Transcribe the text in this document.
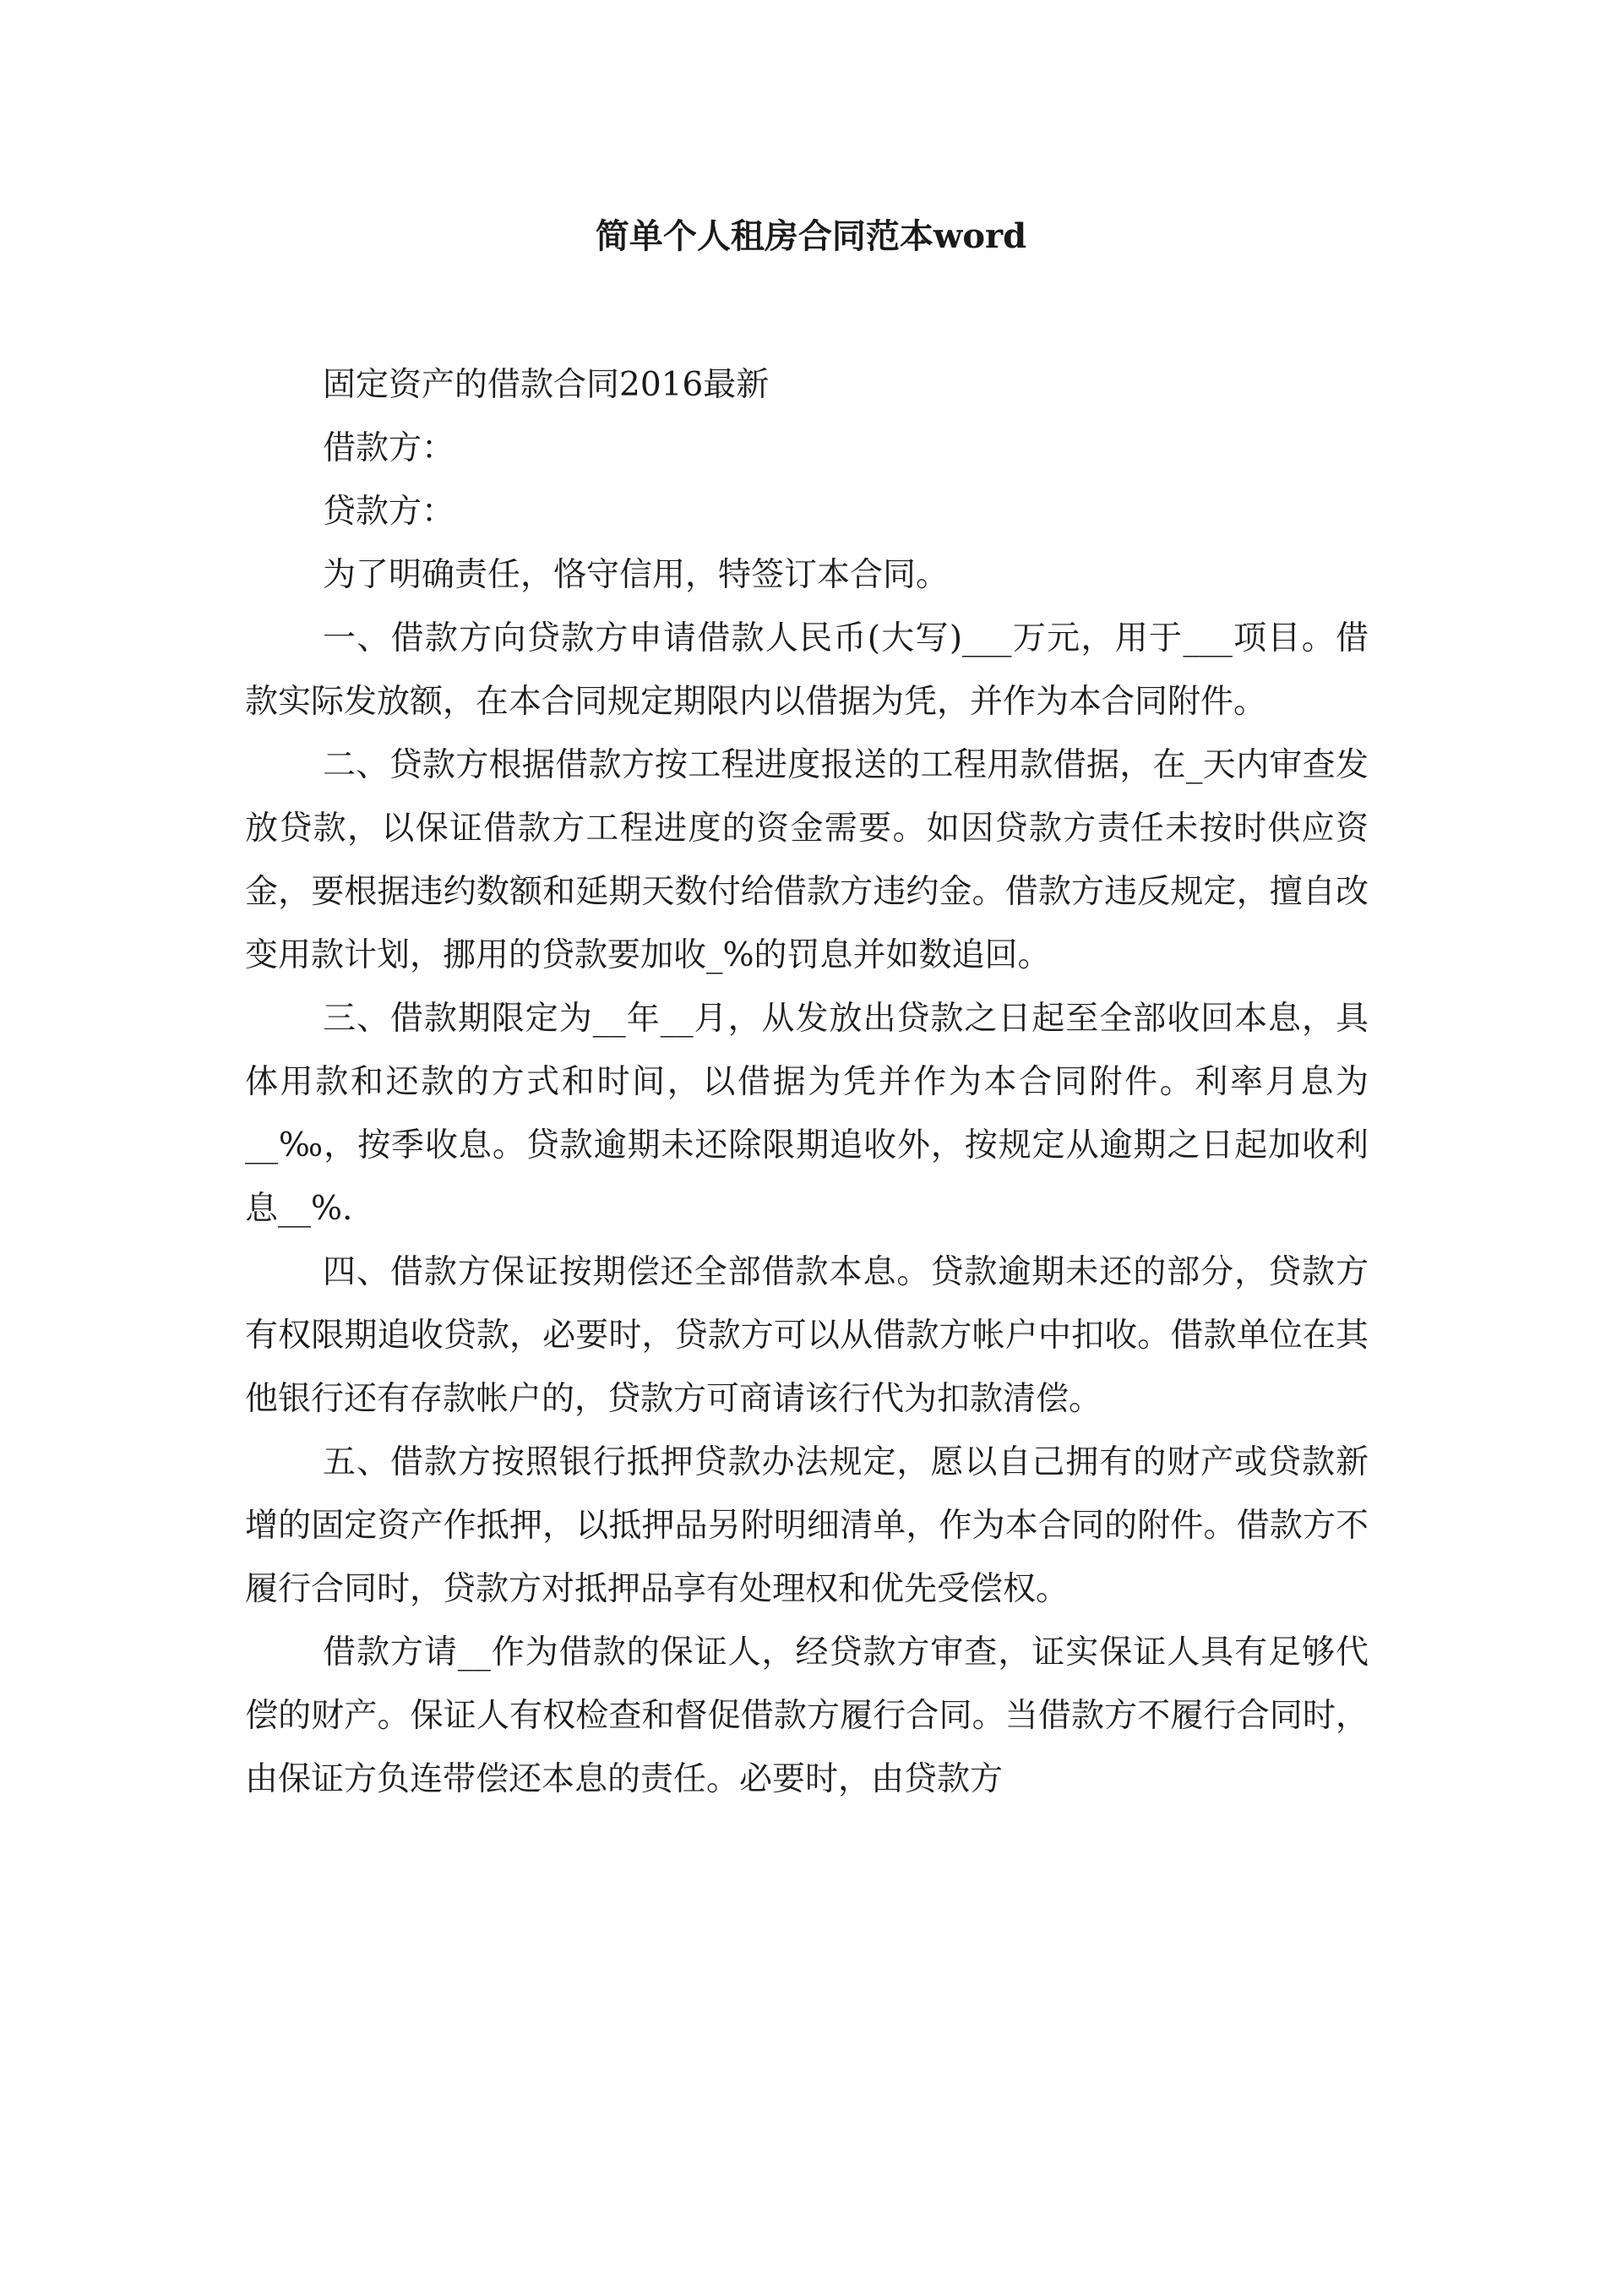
简单个人租房合同范本word

固定资产的借款合同2016最新

借款方：

贷款方：

为了明确责任，恪守信用，特签订本合同。

一、借款方向贷款方申请借款人民币(大写)___万元，用于___项目。借款实际发放额，在本合同规定期限内以借据为凭，并作为本合同附件。

二、贷款方根据借款方按工程进度报送的工程用款借据，在_天内审查发放贷款，以保证借款方工程进度的资金需要。如因贷款方责任未按时供应资金，要根据违约数额和延期天数付给借款方违约金。借款方违反规定，擅自改变用款计划，挪用的贷款要加收_%的罚息并如数追回。

三、借款期限定为__年__月，从发放出贷款之日起至全部收回本息，具体用款和还款的方式和时间，以借据为凭并作为本合同附件。利率月息为__‰，按季收息。贷款逾期未还除限期追收外，按规定从逾期之日起加收利息__%.

四、借款方保证按期偿还全部借款本息。贷款逾期未还的部分，贷款方有权限期追收贷款，必要时，贷款方可以从借款方帐户中扣收。借款单位在其他银行还有存款帐户的，贷款方可商请该行代为扣款清偿。

五、借款方按照银行抵押贷款办法规定，愿以自己拥有的财产或贷款新增的固定资产作抵押，以抵押品另附明细清单，作为本合同的附件。借款方不履行合同时，贷款方对抵押品享有处理权和优先受偿权。

借款方请__作为借款的保证人，经贷款方审查，证实保证人具有足够代偿的财产。保证人有权检查和督促借款方履行合同。当借款方不履行合同时，由保证方负连带偿还本息的责任。必要时，由贷款方
